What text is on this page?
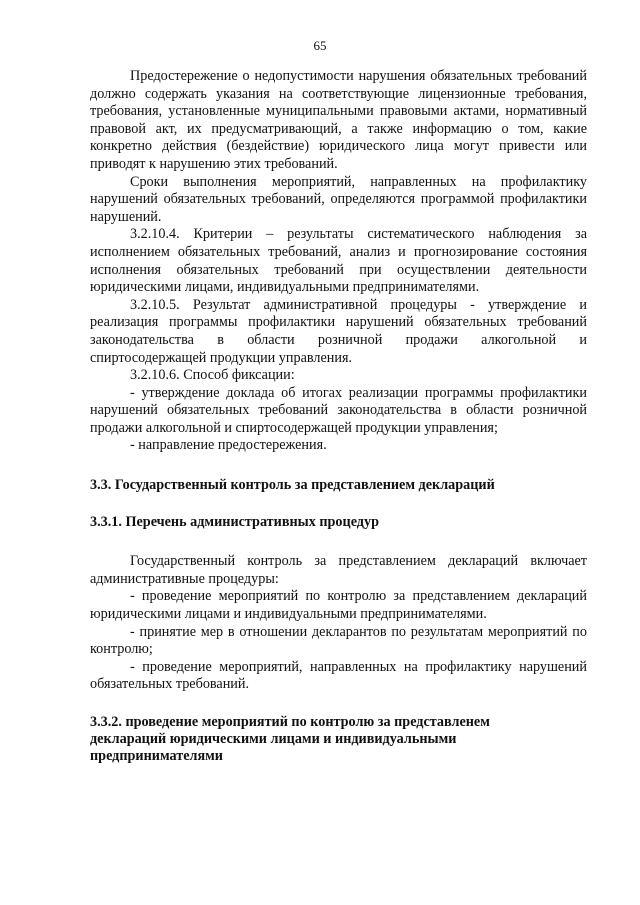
65

Предостережение о недопустимости нарушения обязательных требований должно содержать указания на соответствующие лицензионные требования, требования, установленные муниципальными правовыми актами, нормативный правовой акт, их предусматривающий, а также информацию о том, какие конкретно действия (бездействие) юридического лица могут привести или приводят к нарушению этих требований.

Сроки выполнения мероприятий, направленных на профилактику нарушений обязательных требований, определяются программой профилактики нарушений.

3.2.10.4. Критерии – результаты систематического наблюдения за исполнением обязательных требований, анализ и прогнозирование состояния исполнения обязательных требований при осуществлении деятельности юридическими лицами, индивидуальными предпринимателями.

3.2.10.5. Результат административной процедуры - утверждение и реализация программы профилактики нарушений обязательных требований законодательства в области розничной продажи алкогольной и спиртосодержащей продукции управления.

3.2.10.6. Способ фиксации:

- утверждение доклада об итогах реализации программы профилактики нарушений обязательных требований законодательства в области розничной продажи алкогольной и спиртосодержащей продукции управления;

- направление предостережения.

3.3. Государственный контроль за представлением деклараций

3.3.1. Перечень административных процедур

Государственный контроль за представлением деклараций включает административные процедуры:

- проведение мероприятий по контролю за представлением деклараций юридическими лицами и индивидуальными предпринимателями.

- принятие мер в отношении декларантов по результатам мероприятий по контролю;

- проведение мероприятий, направленных на профилактику нарушений обязательных требований.

3.3.2. проведение мероприятий по контролю за представленем

деклараций юридическими лицами и индивидуальными

предпринимателями
